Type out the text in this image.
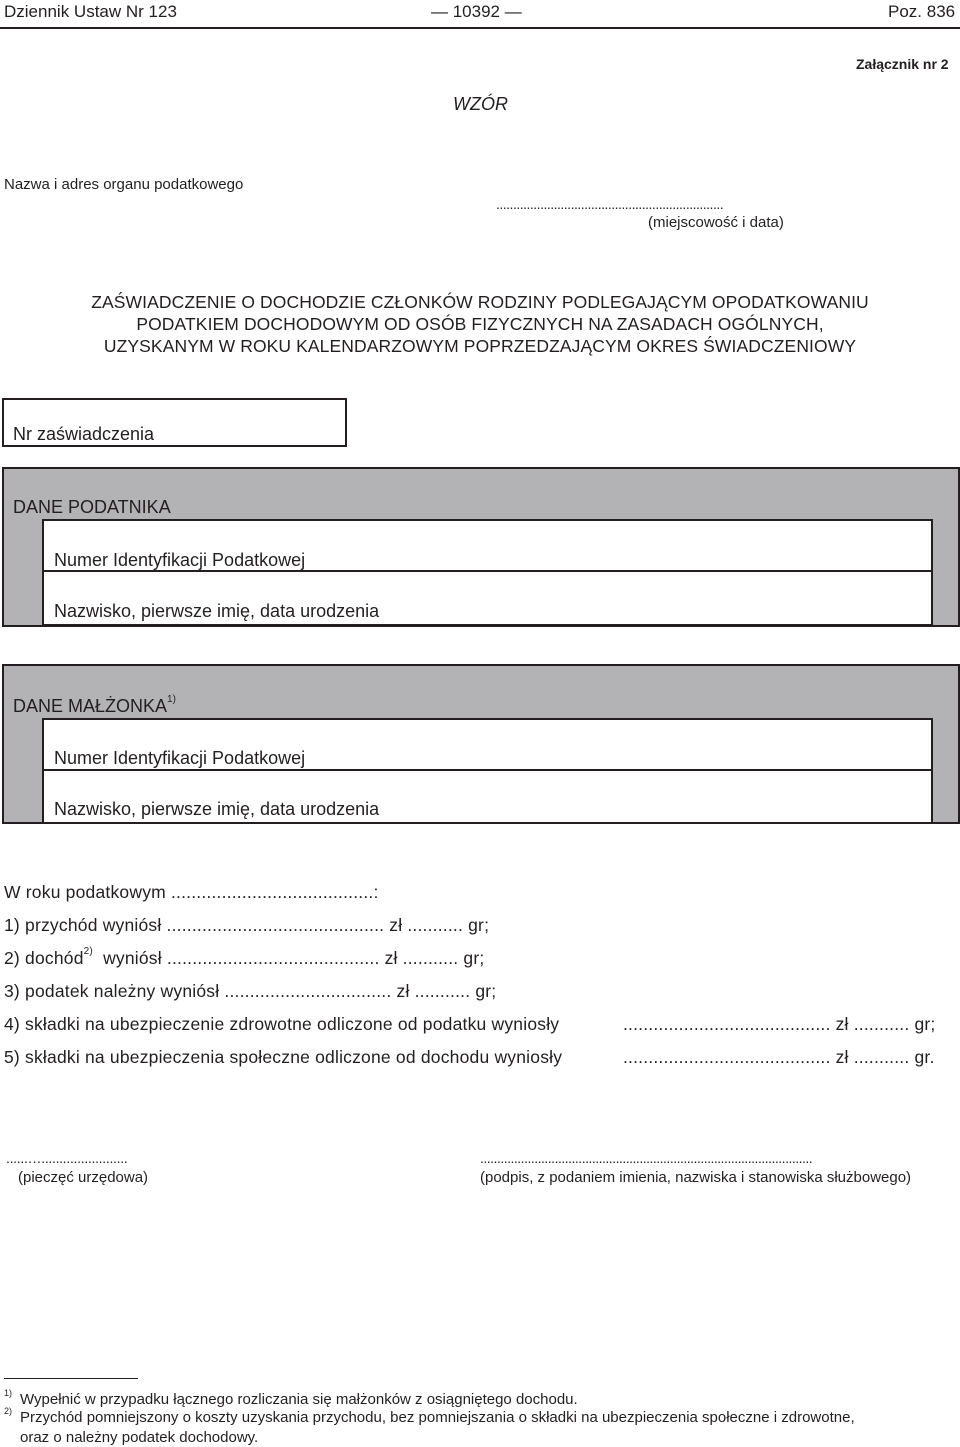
Dziennik Ustaw Nr 123	— 10392 —	Poz. 836
Załącznik nr 2
WZÓR
Nazwa i adres organu podatkowego
...................................................................
(miejscowość i data)
ZAŚWIADCZENIE O DOCHODZIE CZŁONKÓW RODZINY PODLEGAJĄCYM OPODATKOWANIU
PODATKIEM DOCHODOWYM OD OSÓB FIZYCZNYCH NA ZASADACH OGÓLNYCH,
UZYSKANYM W ROKU KALENDARZOWYM POPRZEDZAJĄCYM OKRES ŚWIADCZENIOWY
Nr zaświadczenia
DANE PODATNIKA
Numer Identyfikacji Podatkowej
Nazwisko, pierwsze imię, data urodzenia
DANE MAŁŻONKA$^{1)}$
Numer Identyfikacji Podatkowej
Nazwisko, pierwsze imię, data urodzenia
W roku podatkowym ........................................:
1) przychód wyniósł ........................................... zł ........... gr;
2) dochód$^{2)}$ wyniósł .......................................... zł ........... gr;
3) podatek należny wyniósł ................................. zł ........... gr;
4) składki na ubezpieczenie zdrowotne odliczone od podatku wyniosły	......................................... zł ........... gr;
5) składki na ubezpieczenia społeczne odliczone od dochodu wyniosły	......................................... zł ........... gr.
......…........................
(pieczęć urzędowa)
..................................................................................................
(podpis, z podaniem imienia, nazwiska i stanowiska służbowego)
1) Wypełnić w przypadku łącznego rozliczania się małżonków z osiągniętego dochodu.
2) Przychód pomniejszony o koszty uzyskania przychodu, bez pomniejszania o składki na ubezpieczenia społeczne i zdrowotne,
oraz o należny podatek dochodowy.
